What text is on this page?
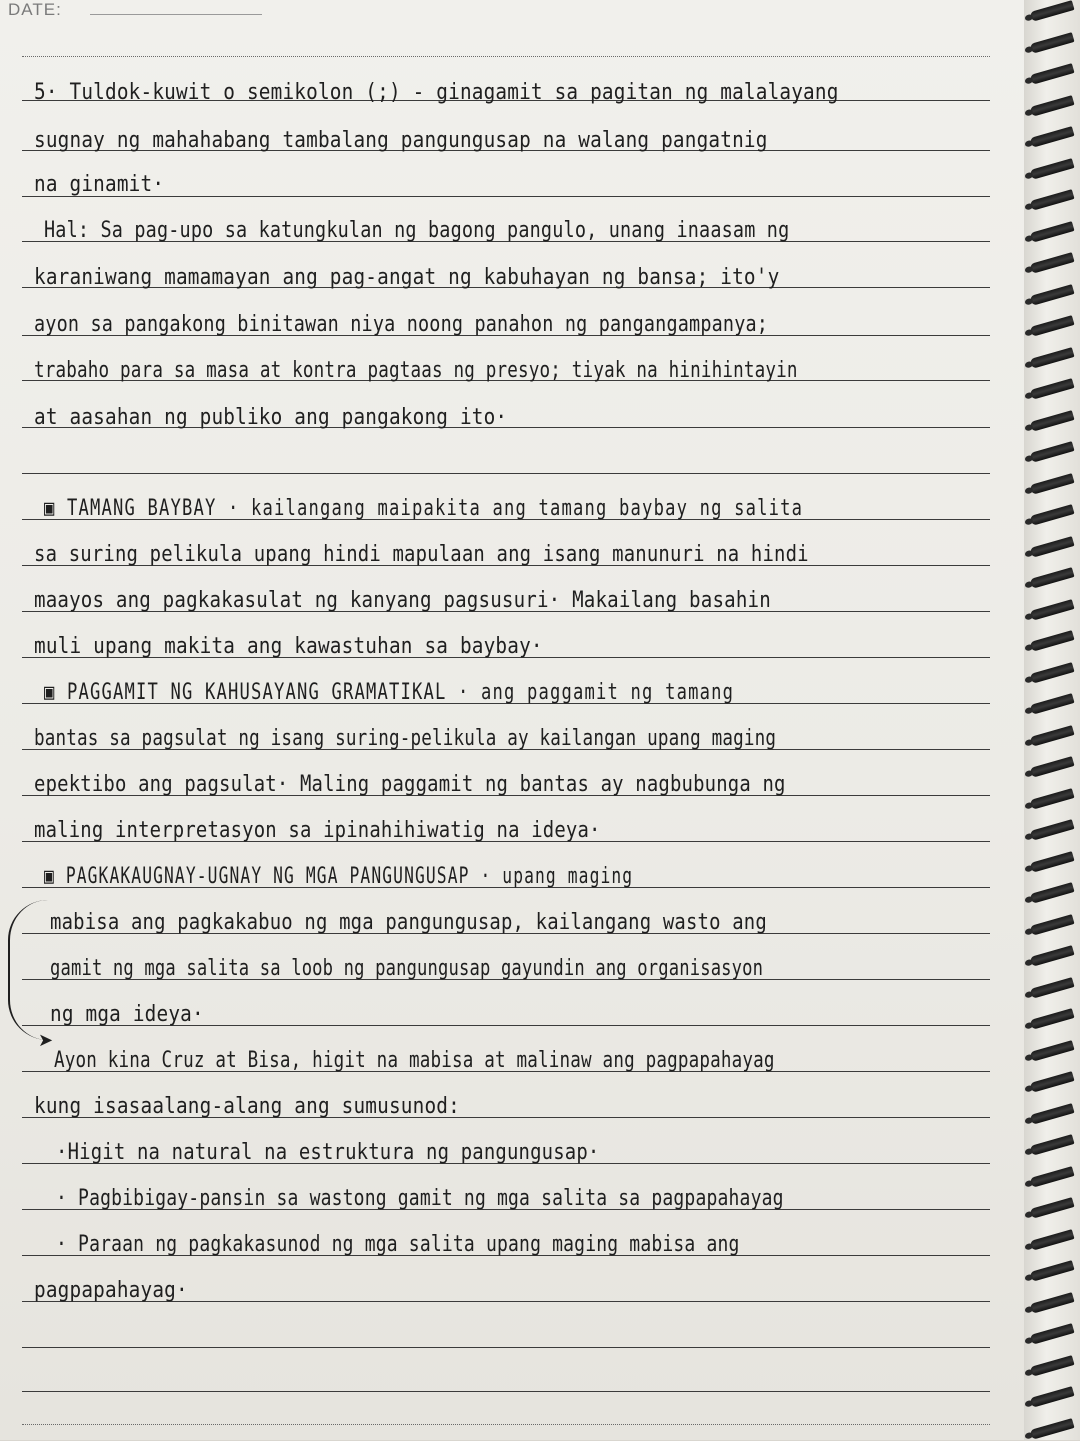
DATE:
5· Tuldok-kuwit o semikolon (;) - ginagamit sa pagitan ng malalayang
sugnay ng mahahabang tambalang pangungusap na walang pangatnig
na ginamit·
Hal: Sa pag-upo sa katungkulan ng bagong pangulo, unang inaasam ng
karaniwang mamamayan ang pag-angat ng kabuhayan ng bansa; ito'y
ayon sa pangakong binitawan niya noong panahon ng pangangampanya;
trabaho para sa masa at kontra pagtaas ng presyo; tiyak na hinihintayin
at aasahan ng publiko ang pangakong ito·
▣ TAMANG BAYBAY · kailangang maipakita ang tamang baybay ng salita
sa suring pelikula upang hindi mapulaan ang isang manunuri na hindi
maayos ang pagkakasulat ng kanyang pagsusuri· Makailang basahin
muli upang makita ang kawastuhan sa baybay·
▣ PAGGAMIT NG KAHUSAYANG GRAMATIKAL · ang paggamit ng tamang
bantas sa pagsulat ng isang suring-pelikula ay kailangan upang maging
epektibo ang pagsulat· Maling paggamit ng bantas ay nagbubunga ng
maling interpretasyon sa ipinahihiwatig na ideya·
▣ PAGKAKAUGNAY-UGNAY NG MGA PANGUNGUSAP · upang maging
mabisa ang pagkakabuo ng mga pangungusap, kailangang wasto ang
gamit ng mga salita sa loob ng pangungusap gayundin ang organisasyon
ng mga ideya·
Ayon kina Cruz at Bisa, higit na mabisa at malinaw ang pagpapahayag
kung isasaalang-alang ang sumusunod:
·Higit na natural na estruktura ng pangungusap·
· Pagbibigay-pansin sa wastong gamit ng mga salita sa pagpapahayag
· Paraan ng pagkakasunod ng mga salita upang maging mabisa ang
pagpapahayag·
➤
